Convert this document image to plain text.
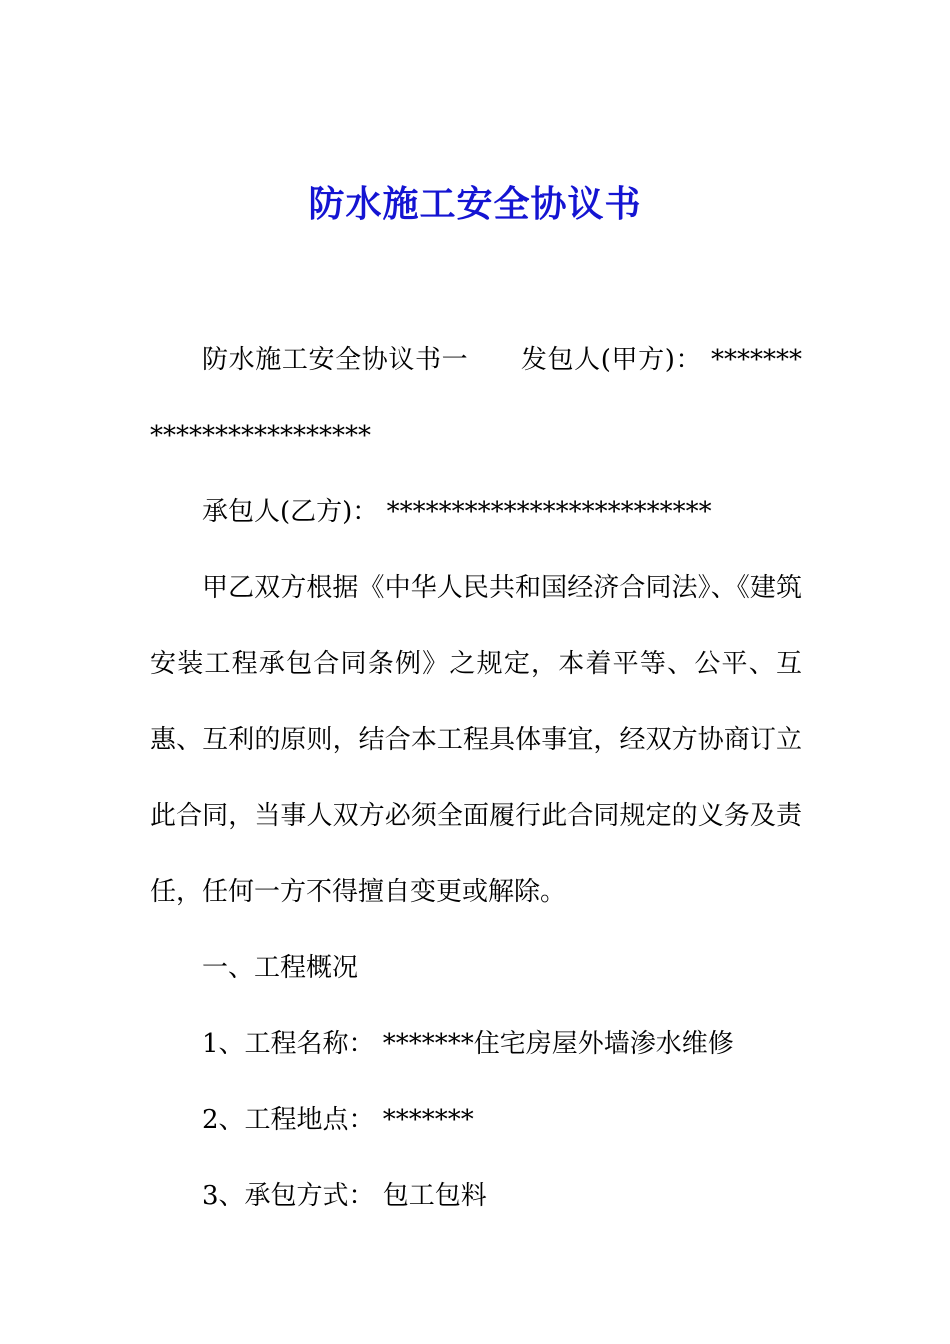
防水施工安全协议书

防水施工安全协议书一 发包人(甲方)： ************************

承包人(乙方)： *************************

甲乙双方根据《中华人民共和国经济合同法》、《建筑安装工程承包合同条例》之规定，本着平等、公平、互惠、互利的原则，结合本工程具体事宜，经双方协商订立此合同，当事人双方必须全面履行此合同规定的义务及责任，任何一方不得擅自变更或解除。

一、工程概况

1、工程名称： *******住宅房屋外墙渗水维修

2、工程地点： *******

3、承包方式： 包工包料
